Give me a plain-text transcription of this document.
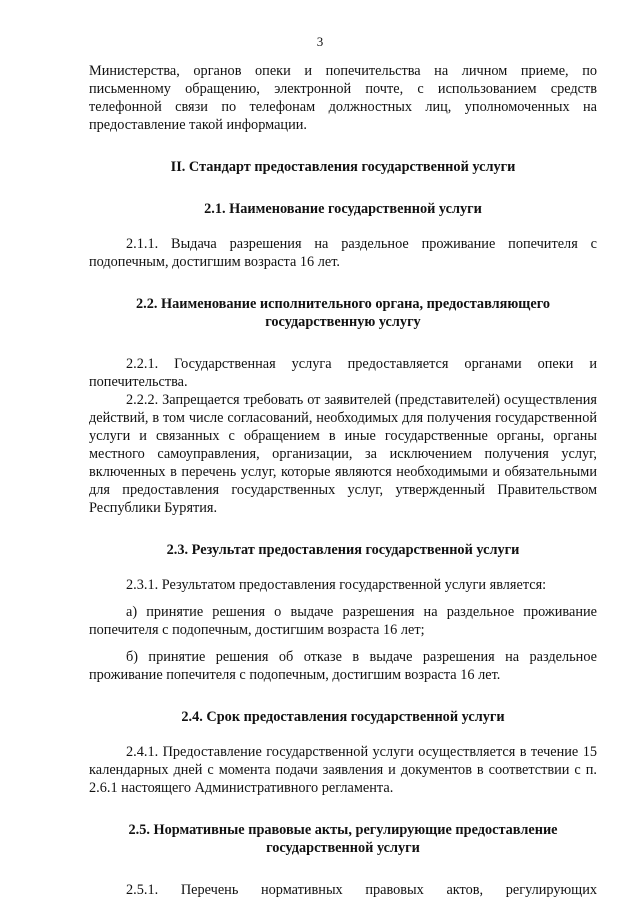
3

Министерства, органов опеки и попечительства на личном приеме, по письменному обращению, электронной почте, с использованием средств телефонной связи по телефонам должностных лиц, уполномоченных на предоставление такой информации.

II. Стандарт предоставления государственной услуги
2.1. Наименование государственной услуги

2.1.1. Выдача разрешения на раздельное проживание попечителя с подопечным, достигшим возраста 16 лет.

2.2. Наименование исполнительного органа, предоставляющего государственную услугу

2.2.1. Государственная услуга предоставляется органами опеки и попечительства.

2.2.2. Запрещается требовать от заявителей (представителей) осуществления действий, в том числе согласований, необходимых для получения государственной услуги и связанных с обращением в иные государственные органы, органы местного самоуправления, организации, за исключением получения услуг, включенных в перечень услуг, которые являются необходимыми и обязательными для предоставления государственных услуг, утвержденный Правительством Республики Бурятия.

2.3. Результат предоставления государственной услуги

2.3.1. Результатом предоставления государственной услуги является:

а) принятие решения о выдаче разрешения на раздельное проживание попечителя с подопечным, достигшим возраста 16 лет;

б) принятие решения об отказе в выдаче разрешения на раздельное проживание попечителя с подопечным, достигшим возраста 16 лет.

2.4. Срок предоставления государственной услуги

2.4.1. Предоставление государственной услуги осуществляется в течение 15 календарных дней с момента подачи заявления и документов в соответствии с п. 2.6.1 настоящего Административного регламента.

2.5. Нормативные правовые акты, регулирующие предоставление государственной услуги

2.5.1. Перечень нормативных правовых актов, регулирующих
